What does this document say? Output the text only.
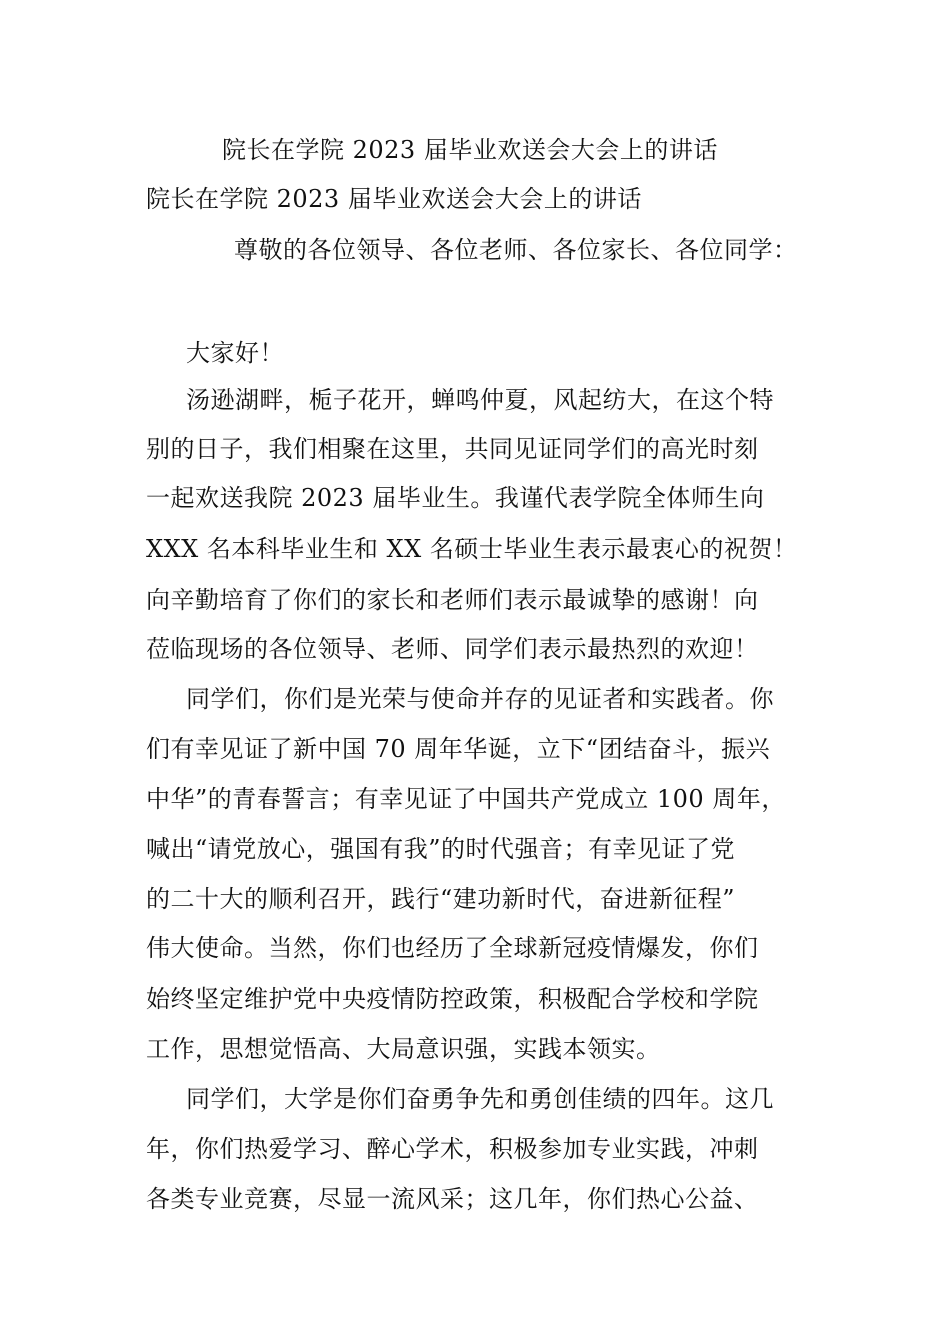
院长在学院 2023 届毕业欢送会大会上的讲话
院长在学院 2023 届毕业欢送会大会上的讲话
尊敬的各位领导、各位老师、各位家长、各位同学：
大家好！
汤逊湖畔，栀子花开，蝉鸣仲夏，风起纺大，在这个特
别的日子，我们相聚在这里，共同见证同学们的高光时刻
一起欢送我院 2023 届毕业生。我谨代表学院全体师生向
XXX 名本科毕业生和 XX 名硕士毕业生表示最衷心的祝贺！
向辛勤培育了你们的家长和老师们表示最诚挚的感谢！向
莅临现场的各位领导、老师、同学们表示最热烈的欢迎！
同学们，你们是光荣与使命并存的见证者和实践者。你
们有幸见证了新中国 70 周年华诞，立下“团结奋斗，振兴
中华”的青春誓言；有幸见证了中国共产党成立 100 周年，
喊出“请党放心，强国有我”的时代强音；有幸见证了党
的二十大的顺利召开，践行“建功新时代，奋进新征程”
伟大使命。当然，你们也经历了全球新冠疫情爆发，你们
始终坚定维护党中央疫情防控政策，积极配合学校和学院
工作，思想觉悟高、大局意识强，实践本领实。
同学们，大学是你们奋勇争先和勇创佳绩的四年。这几
年，你们热爱学习、醉心学术，积极参加专业实践，冲刺
各类专业竞赛，尽显一流风采；这几年，你们热心公益、
